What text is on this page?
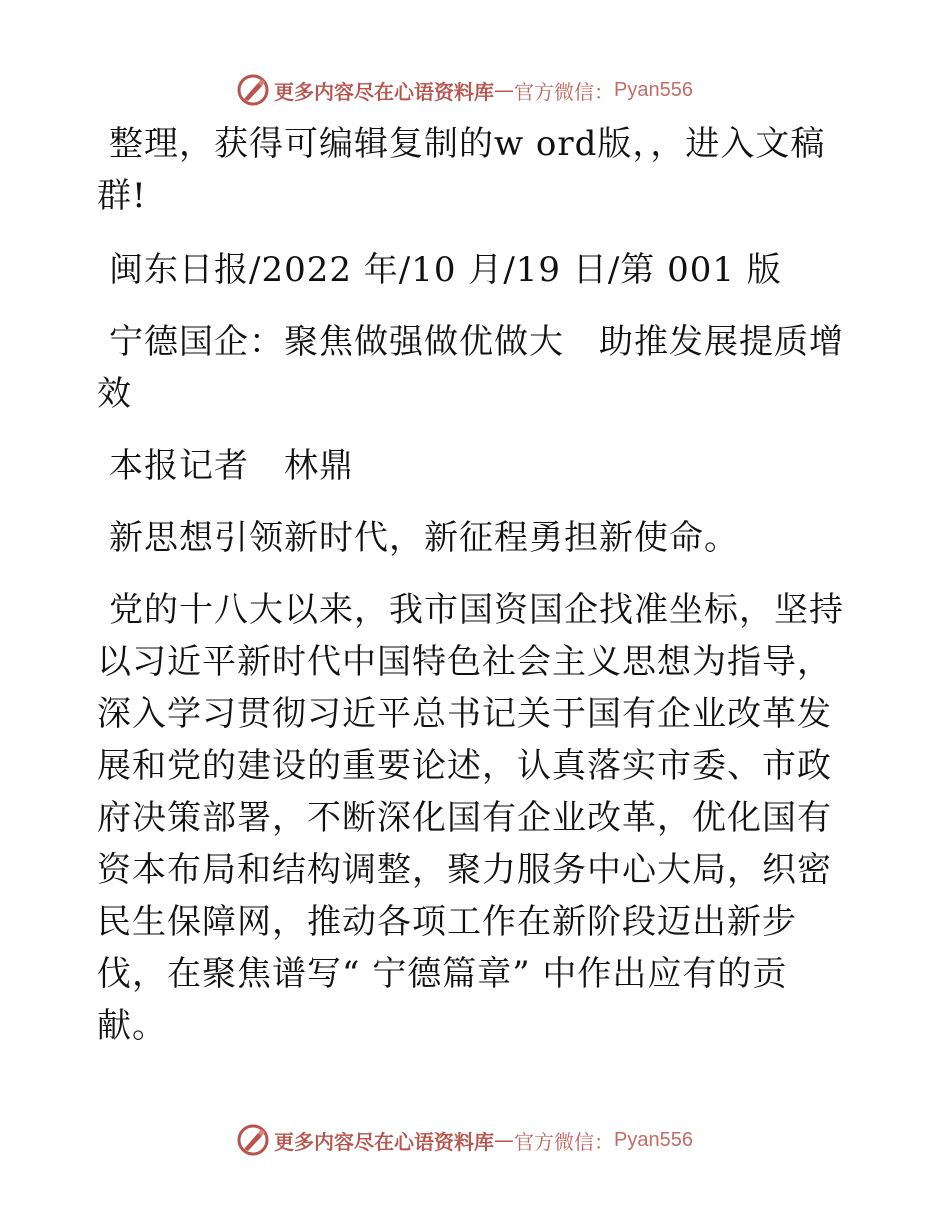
更多内容尽在心语资料库 — 官方微信： Pyan556

整理，获得可编辑复制的w ord版，，进入文稿群!

闽东日报/2022 年/10 月/19 日/第 001 版

宁德国企：聚焦做强做优做大　助推发展提质增效

本报记者　林鼎

新思想引领新时代，新征程勇担新使命。

党的十八大以来，我市国资国企找准坐标，坚持以习近平新时代中国特色社会主义思想为指导，深入学习贯彻习近平总书记关于国有企业改革发展和党的建设的重要论述，认真落实市委、市政府决策部署，不断深化国有企业改革，优化国有资本布局和结构调整，聚力服务中心大局，织密民生保障网，推动各项工作在新阶段迈出新步伐，在聚焦谱写“ 宁德篇章” 中作出应有的贡献。

更多内容尽在心语资料库 — 官方微信： Pyan556
